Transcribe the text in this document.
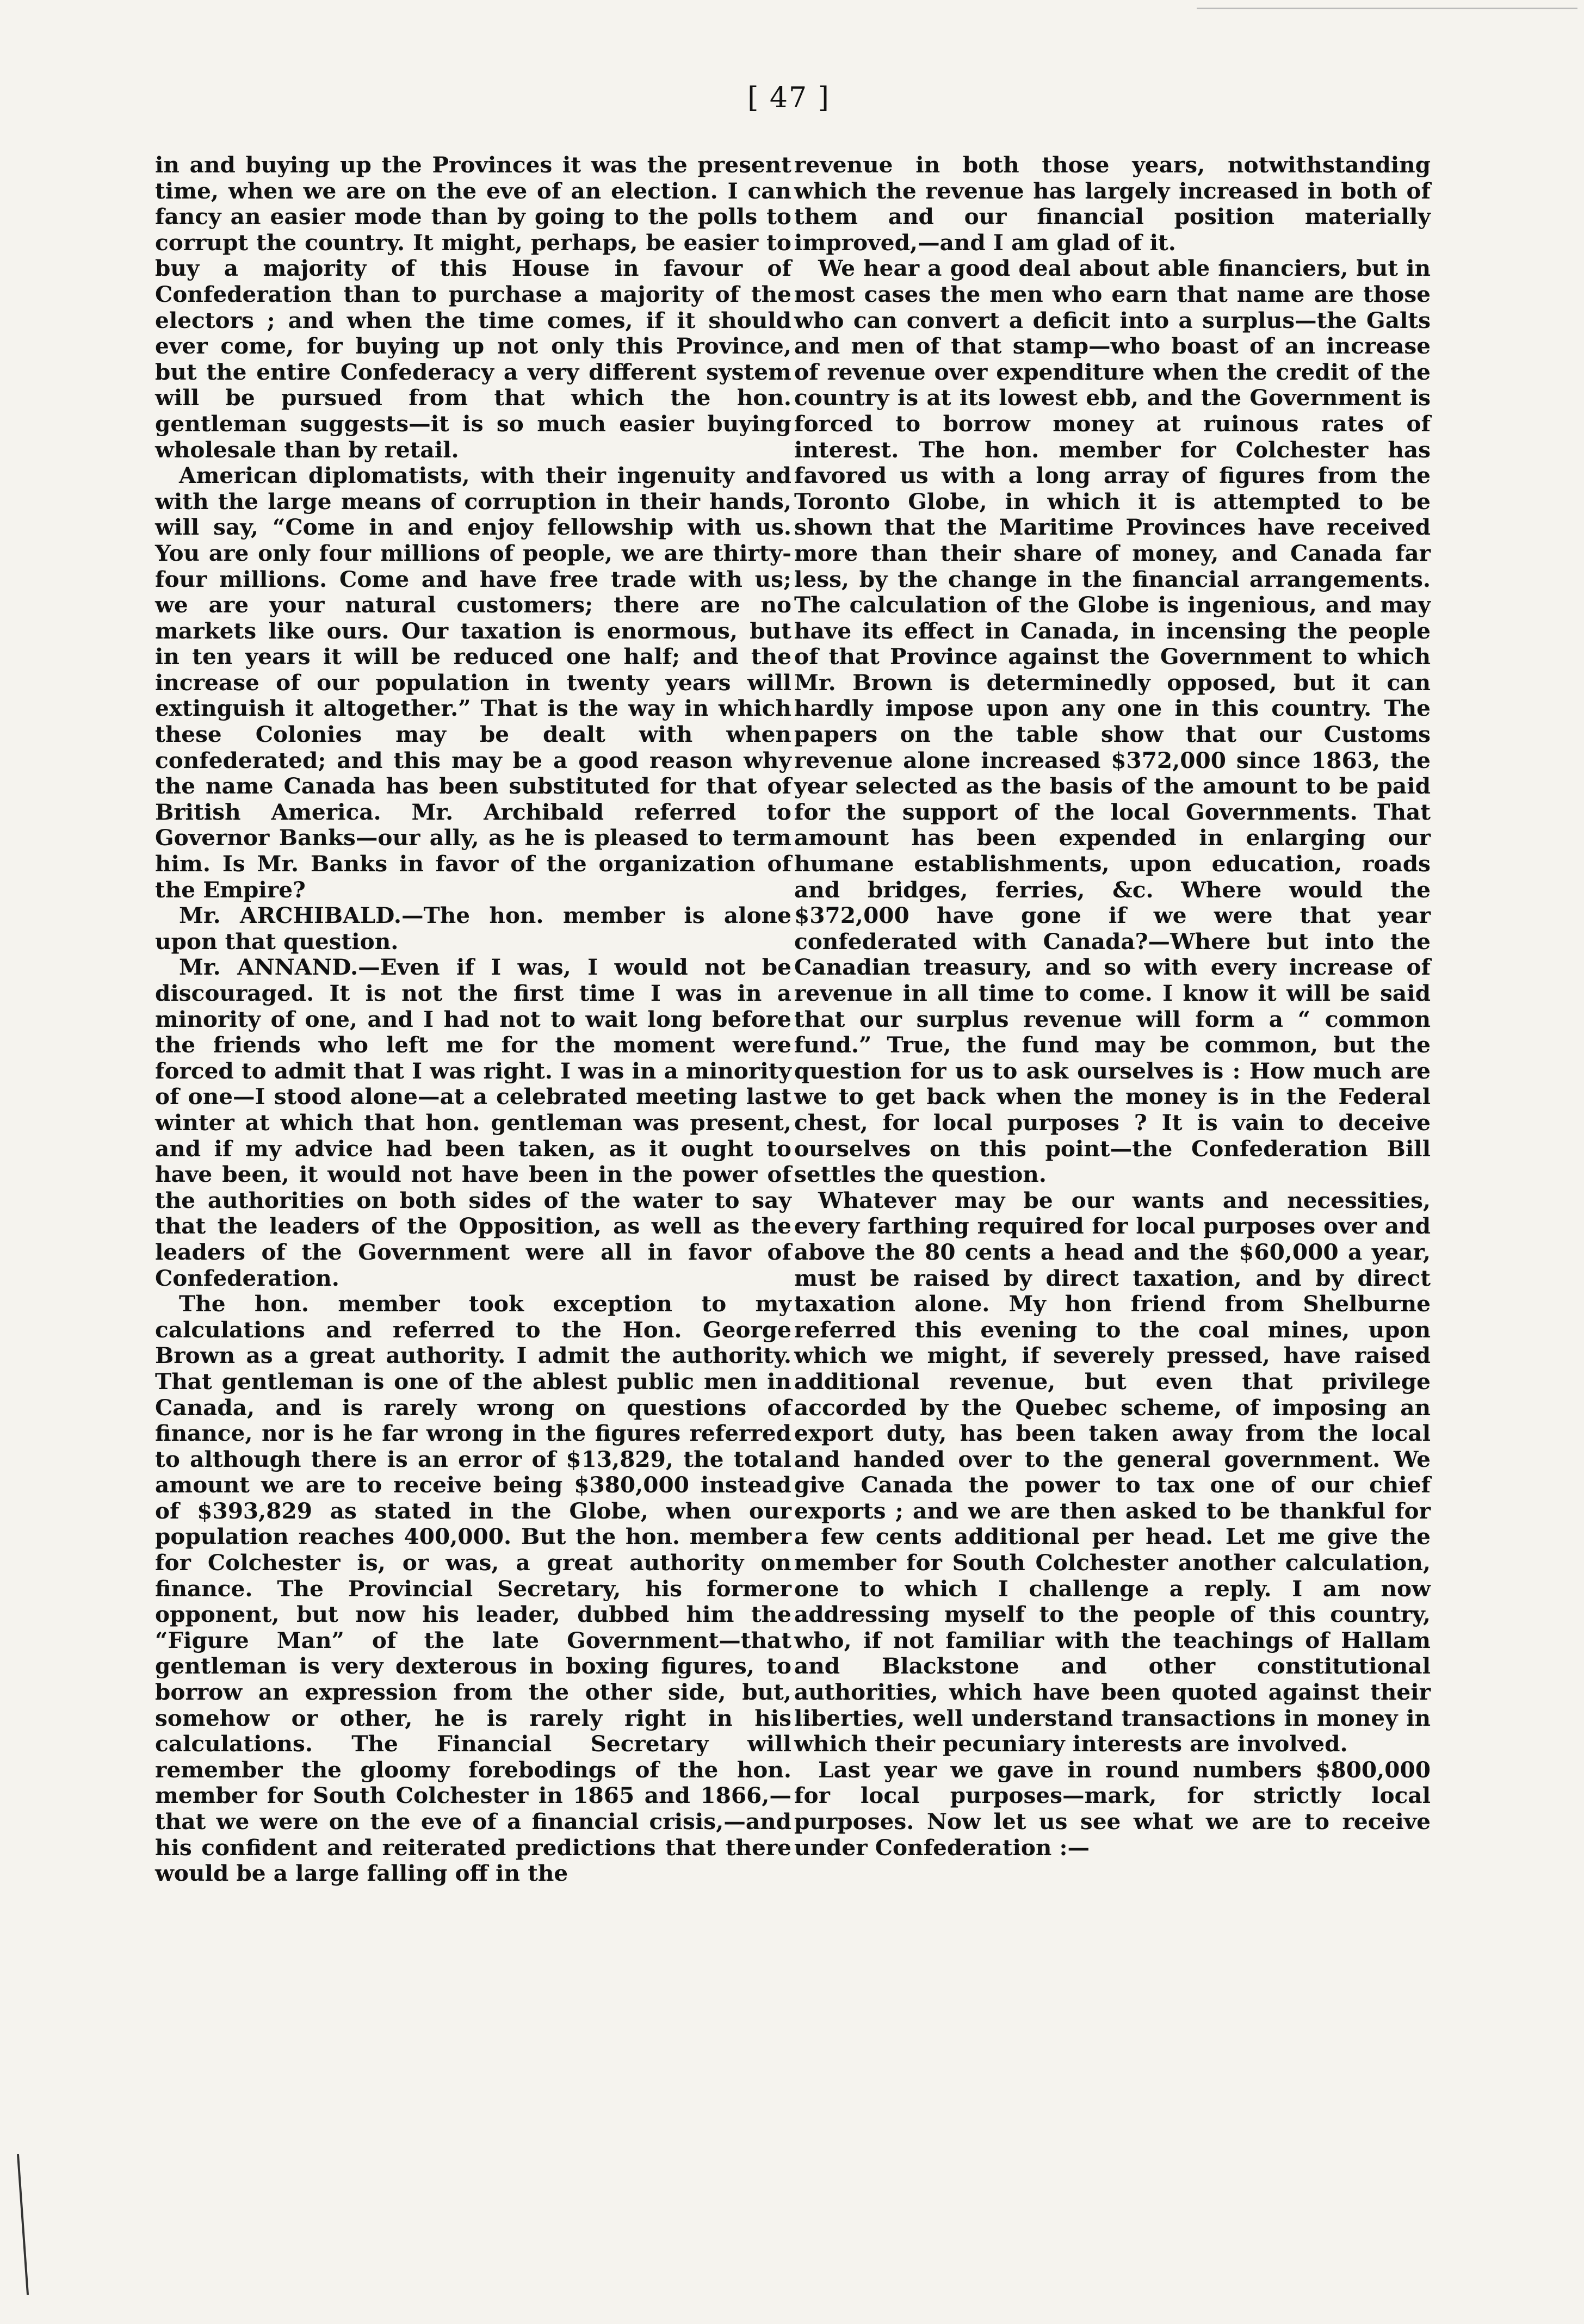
[ 47 ]

in and buying up the Provinces it was the present time, when we are on the eve of an election. I can fancy an easier mode than by going to the polls to corrupt the country. It might, perhaps, be easier to buy a majority of this House in favour of Confederation than to purchase a majority of the electors ; and when the time comes, if it should ever come, for buying up not only this Province, but the entire Confederacy a very different system will be pursued from that which the hon. gentleman suggests—it is so much easier buying wholesale than by retail.

American diplomatists, with their ingenuity and with the large means of corruption in their hands, will say, “Come in and enjoy fellowship with us. You are only four millions of people, we are thirty-four millions. Come and have free trade with us; we are your natural customers; there are no markets like ours. Our taxation is enormous, but in ten years it will be reduced one half; and the increase of our population in twenty years will extinguish it altogether.” That is the way in which these Colonies may be dealt with when confederated; and this may be a good reason why the name Canada has been substituted for that of British America. Mr. Archibald referred to Governor Banks—our ally, as he is pleased to term him. Is Mr. Banks in favor of the organization of the Empire?

Mr. ARCHIBALD.—The hon. member is alone upon that question.

Mr. ANNAND.—Even if I was, I would not be discouraged. It is not the first time I was in a minority of one, and I had not to wait long before the friends who left me for the moment were forced to admit that I was right. I was in a minority of one—I stood alone—at a celebrated meeting last winter at which that hon. gentleman was present, and if my advice had been taken, as it ought to have been, it would not have been in the power of the authorities on both sides of the water to say that the leaders of the Opposition, as well as the leaders of the Government were all in favor of Confederation.

The hon. member took exception to my calculations and referred to the Hon. George Brown as a great authority. I admit the authority. That gentleman is one of the ablest public men in Canada, and is rarely wrong on questions of finance, nor is he far wrong in the figures referred to although there is an error of $13,829, the total amount we are to receive being $380,000 instead of $393,829 as stated in the Globe, when our population reaches 400,000. But the hon. member for Colchester is, or was, a great authority on finance. The Provincial Secretary, his former opponent, but now his leader, dubbed him the “Figure Man” of the late Government—that gentleman is very dexterous in boxing figures, to borrow an expression from the other side, but, somehow or other, he is rarely right in his calculations. The Financial Secretary will remember the gloomy forebodings of the hon. member for South Colchester in 1865 and 1866,—that we were on the eve of a financial crisis,—and his confident and reiterated predictions that there would be a large falling off in the

revenue in both those years, notwithstanding which the revenue has largely increased in both of them and our financial position materially improved,—and I am glad of it.

We hear a good deal about able financiers, but in most cases the men who earn that name are those who can convert a deficit into a surplus—the Galts and men of that stamp—who boast of an increase of revenue over expenditure when the credit of the country is at its lowest ebb, and the Government is forced to borrow money at ruinous rates of interest. The hon. member for Colchester has favored us with a long array of figures from the Toronto Globe, in which it is attempted to be shown that the Maritime Provinces have received more than their share of money, and Canada far less, by the change in the financial arrangements. The calculation of the Globe is ingenious, and may have its effect in Canada, in incensing the people of that Province against the Government to which Mr. Brown is determinedly opposed, but it can hardly impose upon any one in this country. The papers on the table show that our Customs revenue alone increased $372,000 since 1863, the year selected as the basis of the amount to be paid for the support of the local Governments. That amount has been expended in enlarging our humane establishments, upon education, roads and bridges, ferries, &c. Where would the $372,000 have gone if we were that year confederated with Canada?—Where but into the Canadian treasury, and so with every increase of revenue in all time to come. I know it will be said that our surplus revenue will form a “ common fund.” True, the fund may be common, but the question for us to ask ourselves is : How much are we to get back when the money is in the Federal chest, for local purposes ? It is vain to deceive ourselves on this point—the Confederation Bill settles the question.

Whatever may be our wants and necessities, every farthing required for local purposes over and above the 80 cents a head and the $60,000 a year, must be raised by direct taxation, and by direct taxation alone. My hon friend from Shelburne referred this evening to the coal mines, upon which we might, if severely pressed, have raised additional revenue, but even that privilege accorded by the Quebec scheme, of imposing an export duty, has been taken away from the local and handed over to the general government. We give Canada the power to tax one of our chief exports ; and we are then asked to be thankful for a few cents additional per head. Let me give the member for South Colchester another calculation, one to which I challenge a reply. I am now addressing myself to the people of this country, who, if not familiar with the teachings of Hallam and Blackstone and other constitutional authorities, which have been quoted against their liberties, well understand transactions in money in which their pecuniary interests are involved.

Last year we gave in round numbers $800,000 for local purposes—mark, for strictly local purposes. Now let us see what we are to receive under Confederation :—
